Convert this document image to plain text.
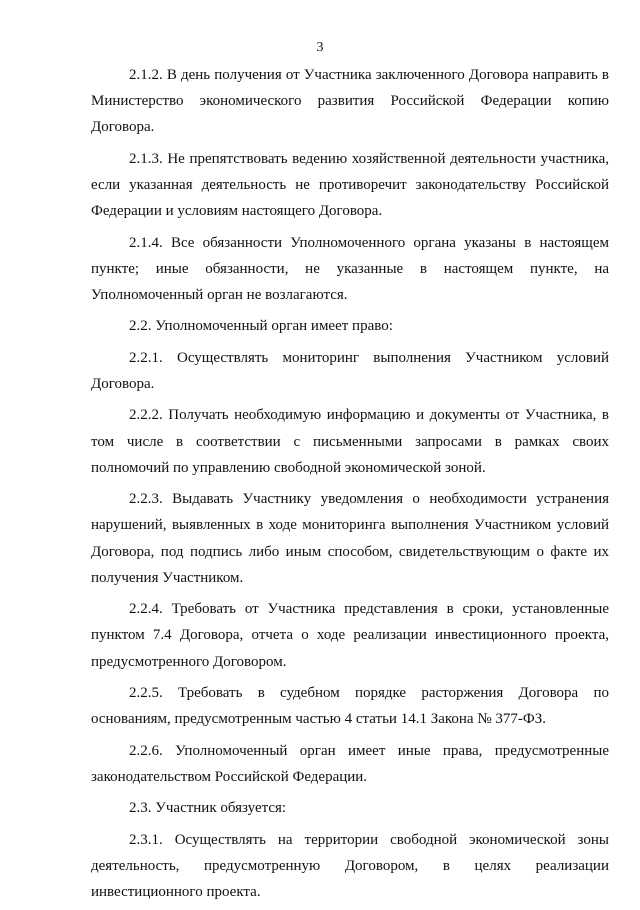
3

2.1.2. В день получения от Участника заключенного Договора направить в Министерство экономического развития Российской Федерации копию Договора.

2.1.3. Не препятствовать ведению хозяйственной деятельности участника, если указанная деятельность не противоречит законодательству Российской Федерации и условиям настоящего Договора.

2.1.4. Все обязанности Уполномоченного органа указаны в настоящем пункте; иные обязанности, не указанные в настоящем пункте, на Уполномоченный орган не возлагаются.

2.2. Уполномоченный орган имеет право:

2.2.1. Осуществлять мониторинг выполнения Участником условий Договора.

2.2.2. Получать необходимую информацию и документы от Участника, в том числе в соответствии с письменными запросами в рамках своих полномочий по управлению свободной экономической зоной.

2.2.3. Выдавать Участнику уведомления о необходимости устранения нарушений, выявленных в ходе мониторинга выполнения Участником условий Договора, под подпись либо иным способом, свидетельствующим о факте их получения Участником.

2.2.4. Требовать от Участника представления в сроки, установленные пунктом 7.4 Договора, отчета о ходе реализации инвестиционного проекта, предусмотренного Договором.

2.2.5. Требовать в судебном порядке расторжения Договора по основаниям, предусмотренным частью 4 статьи 14.1 Закона № 377-ФЗ.

2.2.6. Уполномоченный орган имеет иные права, предусмотренные законодательством Российской Федерации.

2.3. Участник обязуется:

2.3.1. Осуществлять на территории свободной экономической зоны деятельность, предусмотренную Договором, в целях реализации инвестиционного проекта.
